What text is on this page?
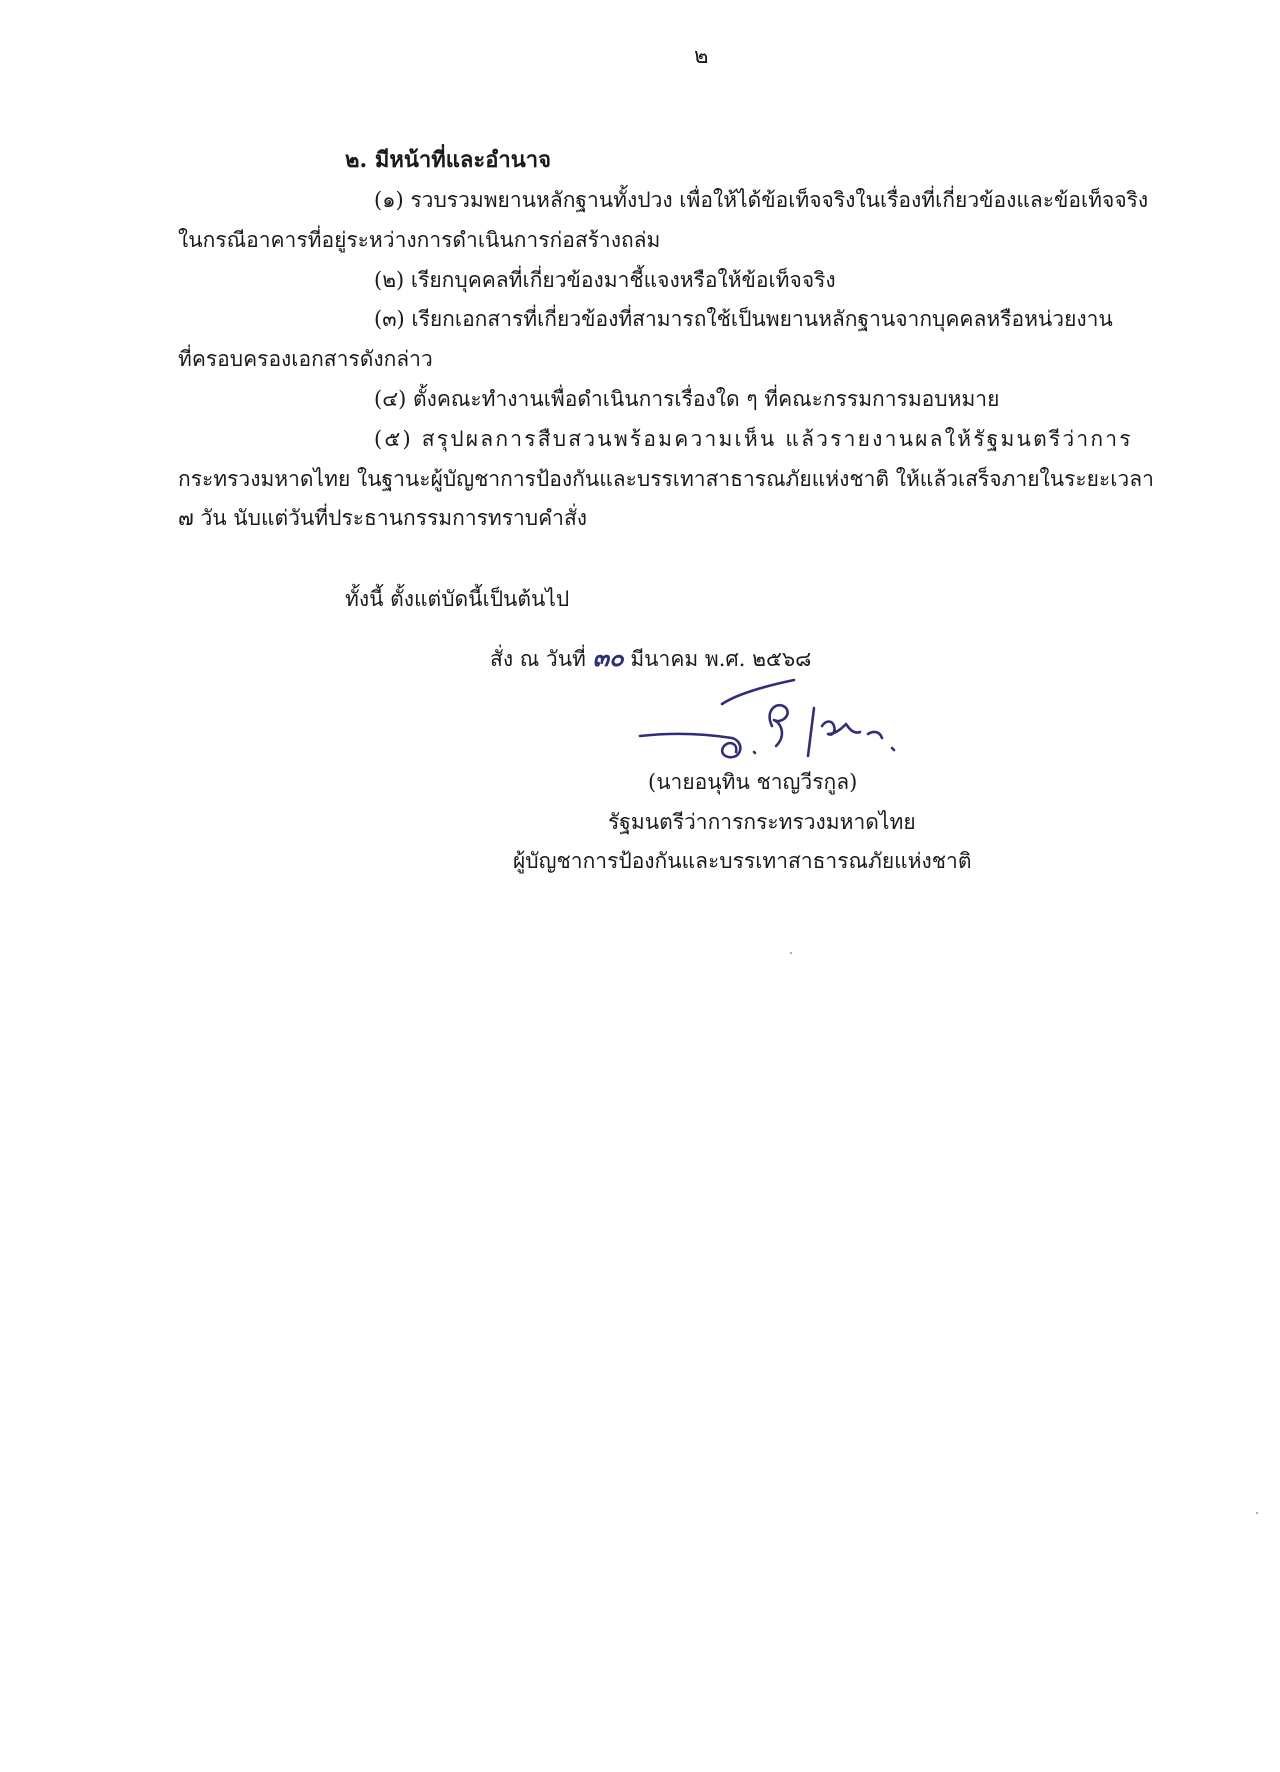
๒
๒. มีหน้าที่และอำนาจ
(๑) รวบรวมพยานหลักฐานทั้งปวง เพื่อให้ได้ข้อเท็จจริงในเรื่องที่เกี่ยวข้องและข้อเท็จจริง
ในกรณีอาคารที่อยู่ระหว่างการดำเนินการก่อสร้างถล่ม
(๒) เรียกบุคคลที่เกี่ยวข้องมาชี้แจงหรือให้ข้อเท็จจริง
(๓) เรียกเอกสารที่เกี่ยวข้องที่สามารถใช้เป็นพยานหลักฐานจากบุคคลหรือหน่วยงาน
ที่ครอบครองเอกสารดังกล่าว
(๔) ตั้งคณะทำงานเพื่อดำเนินการเรื่องใด ๆ ที่คณะกรรมการมอบหมาย
(๕) สรุปผลการสืบสวนพร้อมความเห็น แล้วรายงานผลให้รัฐมนตรีว่าการ
กระทรวงมหาดไทย ในฐานะผู้บัญชาการป้องกันและบรรเทาสาธารณภัยแห่งชาติ ให้แล้วเสร็จภายในระยะเวลา
๗ วัน นับแต่วันที่ประธานกรรมการทราบคำสั่ง
ทั้งนี้ ตั้งแต่บัดนี้เป็นต้นไป
สั่ง ณ วันที่ ๓๐ มีนาคม พ.ศ. ๒๕๖๘
(นายอนุทิน ชาญวีรกูล)
รัฐมนตรีว่าการกระทรวงมหาดไทย
ผู้บัญชาการป้องกันและบรรเทาสาธารณภัยแห่งชาติ
